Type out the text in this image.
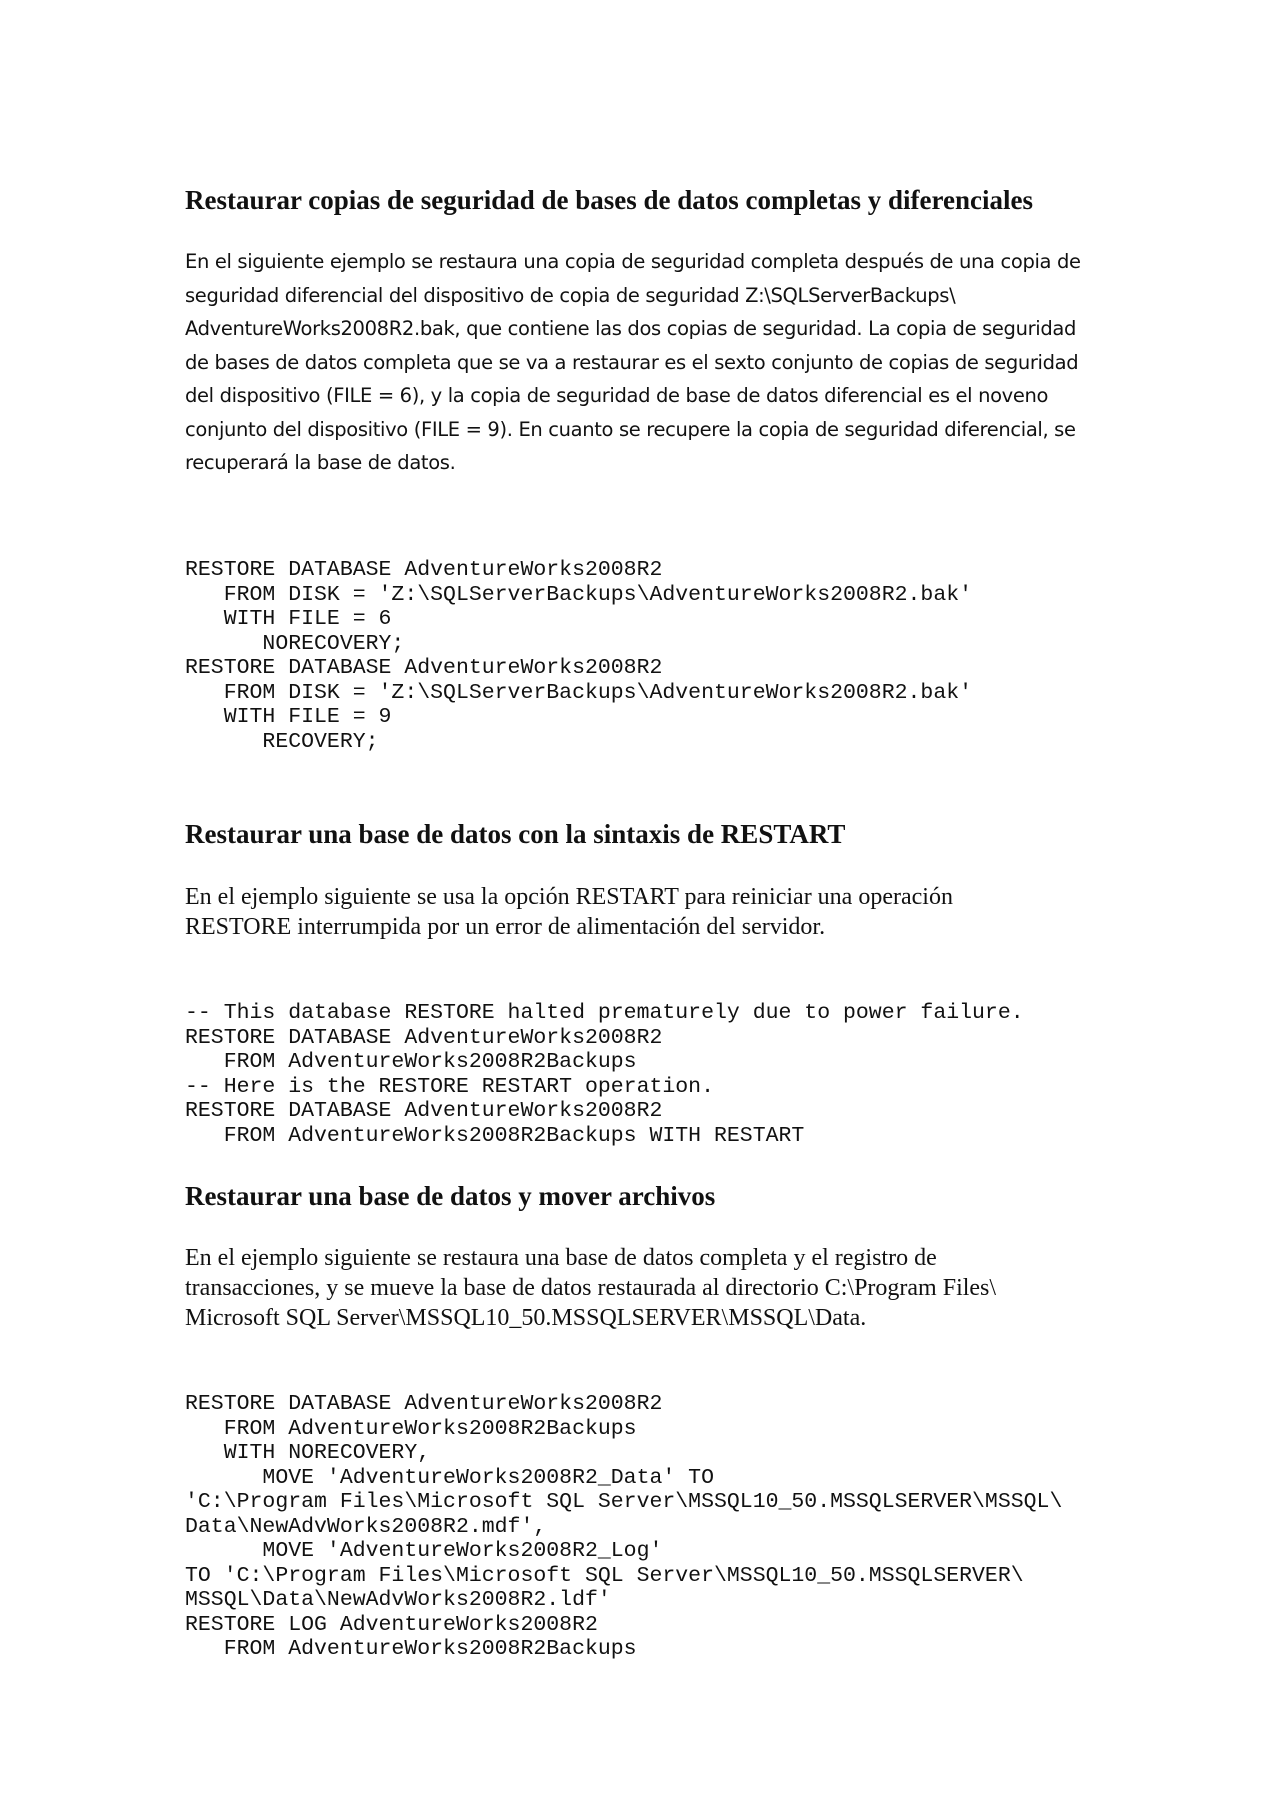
Restaurar copias de seguridad de bases de datos completas y diferenciales
En el siguiente ejemplo se restaura una copia de seguridad completa después de una copia de
seguridad diferencial del dispositivo de copia de seguridad Z:\SQLServerBackups\
AdventureWorks2008R2.bak, que contiene las dos copias de seguridad. La copia de seguridad
de bases de datos completa que se va a restaurar es el sexto conjunto de copias de seguridad
del dispositivo (FILE = 6), y la copia de seguridad de base de datos diferencial es el noveno
conjunto del dispositivo (FILE = 9). En cuanto se recupere la copia de seguridad diferencial, se
recuperará la base de datos.
RESTORE DATABASE AdventureWorks2008R2
FROM DISK = 'Z:\SQLServerBackups\AdventureWorks2008R2.bak'
WITH FILE = 6
NORECOVERY;
RESTORE DATABASE AdventureWorks2008R2
FROM DISK = 'Z:\SQLServerBackups\AdventureWorks2008R2.bak'
WITH FILE = 9
RECOVERY;
Restaurar una base de datos con la sintaxis de RESTART
En el ejemplo siguiente se usa la opción RESTART para reiniciar una operación
RESTORE interrumpida por un error de alimentación del servidor.
-- This database RESTORE halted prematurely due to power failure.
RESTORE DATABASE AdventureWorks2008R2
FROM AdventureWorks2008R2Backups
-- Here is the RESTORE RESTART operation.
RESTORE DATABASE AdventureWorks2008R2
FROM AdventureWorks2008R2Backups WITH RESTART
Restaurar una base de datos y mover archivos
En el ejemplo siguiente se restaura una base de datos completa y el registro de
transacciones, y se mueve la base de datos restaurada al directorio C:\Program Files\
Microsoft SQL Server\MSSQL10_50.MSSQLSERVER\MSSQL\Data.
RESTORE DATABASE AdventureWorks2008R2
FROM AdventureWorks2008R2Backups
WITH NORECOVERY,
MOVE 'AdventureWorks2008R2_Data' TO
'C:\Program Files\Microsoft SQL Server\MSSQL10_50.MSSQLSERVER\MSSQL\
Data\NewAdvWorks2008R2.mdf',
MOVE 'AdventureWorks2008R2_Log'
TO 'C:\Program Files\Microsoft SQL Server\MSSQL10_50.MSSQLSERVER\
MSSQL\Data\NewAdvWorks2008R2.ldf'
RESTORE LOG AdventureWorks2008R2
FROM AdventureWorks2008R2Backups
